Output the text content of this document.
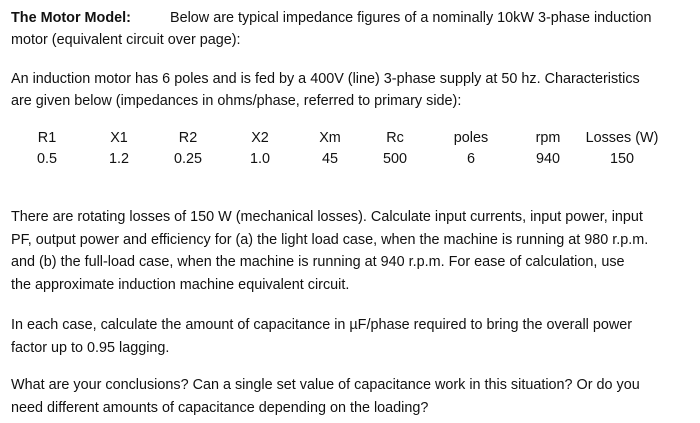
The Motor Model:	Below are typical impedance figures of a nominally 10kW 3-phase induction
motor (equivalent circuit over page):
An induction motor has 6 poles and is fed by a 400V (line) 3-phase supply at 50 hz. Characteristics
are given below (impedances in ohms/phase, referred to primary side):
R1	X1	R2	X2	Xm	Rc	poles	rpm	Losses (W)
0.5	1.2	0.25	1.0	45	500	6	940	150
There are rotating losses of 150 W (mechanical losses). Calculate input currents, input power, input
PF, output power and efficiency for (a) the light load case, when the machine is running at 980 r.p.m.
and (b) the full-load case, when the machine is running at 940 r.p.m. For ease of calculation, use
the approximate induction machine equivalent circuit.
In each case, calculate the amount of capacitance in µF/phase required to bring the overall power
factor up to 0.95 lagging.
What are your conclusions? Can a single set value of capacitance work in this situation? Or do you
need different amounts of capacitance depending on the loading?
